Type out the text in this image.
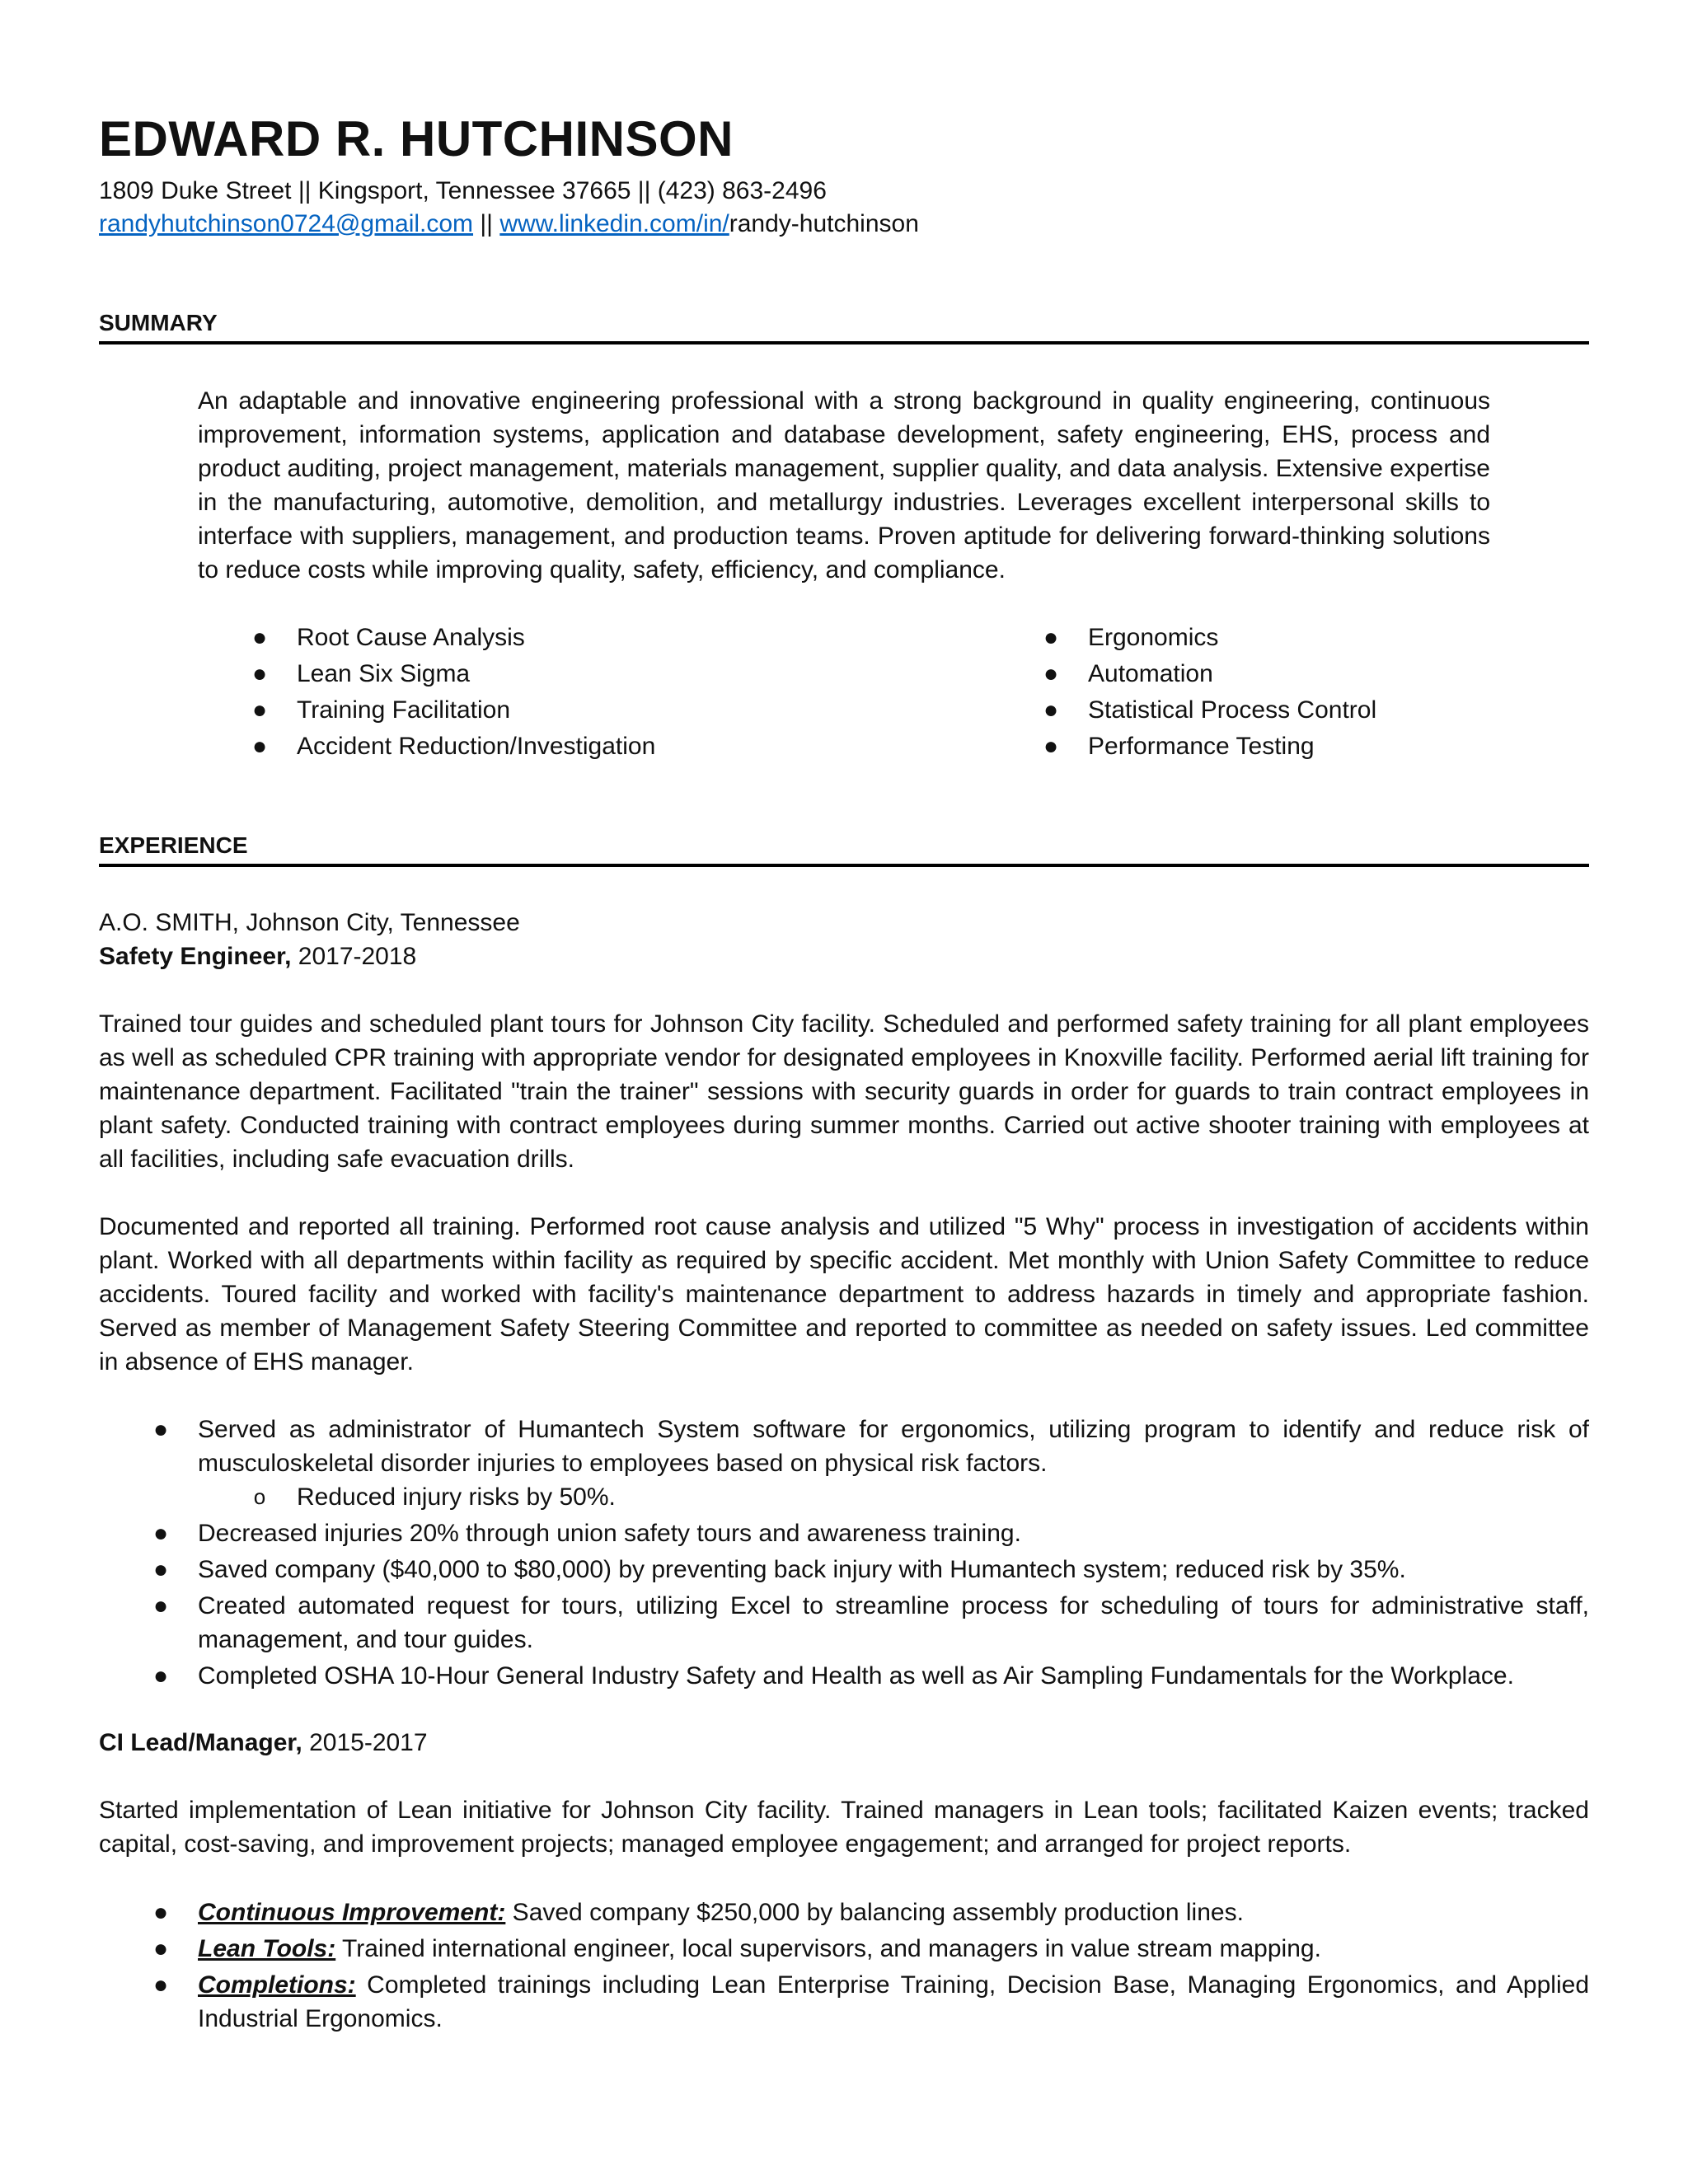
EDWARD R. HUTCHINSON
1809 Duke Street || Kingsport, Tennessee 37665 || (423) 863-2496
randyhutchinson0724@gmail.com || www.linkedin.com/in/randy-hutchinson
SUMMARY
An adaptable and innovative engineering professional with a strong background in quality engineering, continuous improvement, information systems, application and database development, safety engineering, EHS, process and product auditing, project management, materials management, supplier quality, and data analysis. Extensive expertise in the manufacturing, automotive, demolition, and metallurgy industries. Leverages excellent interpersonal skills to interface with suppliers, management, and production teams. Proven aptitude for delivering forward-thinking solutions to reduce costs while improving quality, safety, efficiency, and compliance.
● Root Cause Analysis
● Lean Six Sigma
● Training Facilitation
● Accident Reduction/Investigation
● Ergonomics
● Automation
● Statistical Process Control
● Performance Testing
EXPERIENCE
A.O. SMITH, Johnson City, Tennessee
Safety Engineer, 2017-2018
Trained tour guides and scheduled plant tours for Johnson City facility. Scheduled and performed safety training for all plant employees as well as scheduled CPR training with appropriate vendor for designated employees in Knoxville facility. Performed aerial lift training for maintenance department. Facilitated "train the trainer" sessions with security guards in order for guards to train contract employees in plant safety. Conducted training with contract employees during summer months. Carried out active shooter training with employees at all facilities, including safe evacuation drills.
Documented and reported all training. Performed root cause analysis and utilized "5 Why" process in investigation of accidents within plant. Worked with all departments within facility as required by specific accident. Met monthly with Union Safety Committee to reduce accidents. Toured facility and worked with facility's maintenance department to address hazards in timely and appropriate fashion. Served as member of Management Safety Steering Committee and reported to committee as needed on safety issues. Led committee in absence of EHS manager.
● Served as administrator of Humantech System software for ergonomics, utilizing program to identify and reduce risk of musculoskeletal disorder injuries to employees based on physical risk factors.
o Reduced injury risks by 50%.
● Decreased injuries 20% through union safety tours and awareness training.
● Saved company ($40,000 to $80,000) by preventing back injury with Humantech system; reduced risk by 35%.
● Created automated request for tours, utilizing Excel to streamline process for scheduling of tours for administrative staff, management, and tour guides.
● Completed OSHA 10-Hour General Industry Safety and Health as well as Air Sampling Fundamentals for the Workplace.
CI Lead/Manager, 2015-2017
Started implementation of Lean initiative for Johnson City facility. Trained managers in Lean tools; facilitated Kaizen events; tracked capital, cost-saving, and improvement projects; managed employee engagement; and arranged for project reports.
● Continuous Improvement: Saved company $250,000 by balancing assembly production lines.
● Lean Tools: Trained international engineer, local supervisors, and managers in value stream mapping.
● Completions: Completed trainings including Lean Enterprise Training, Decision Base, Managing Ergonomics, and Applied Industrial Ergonomics.
